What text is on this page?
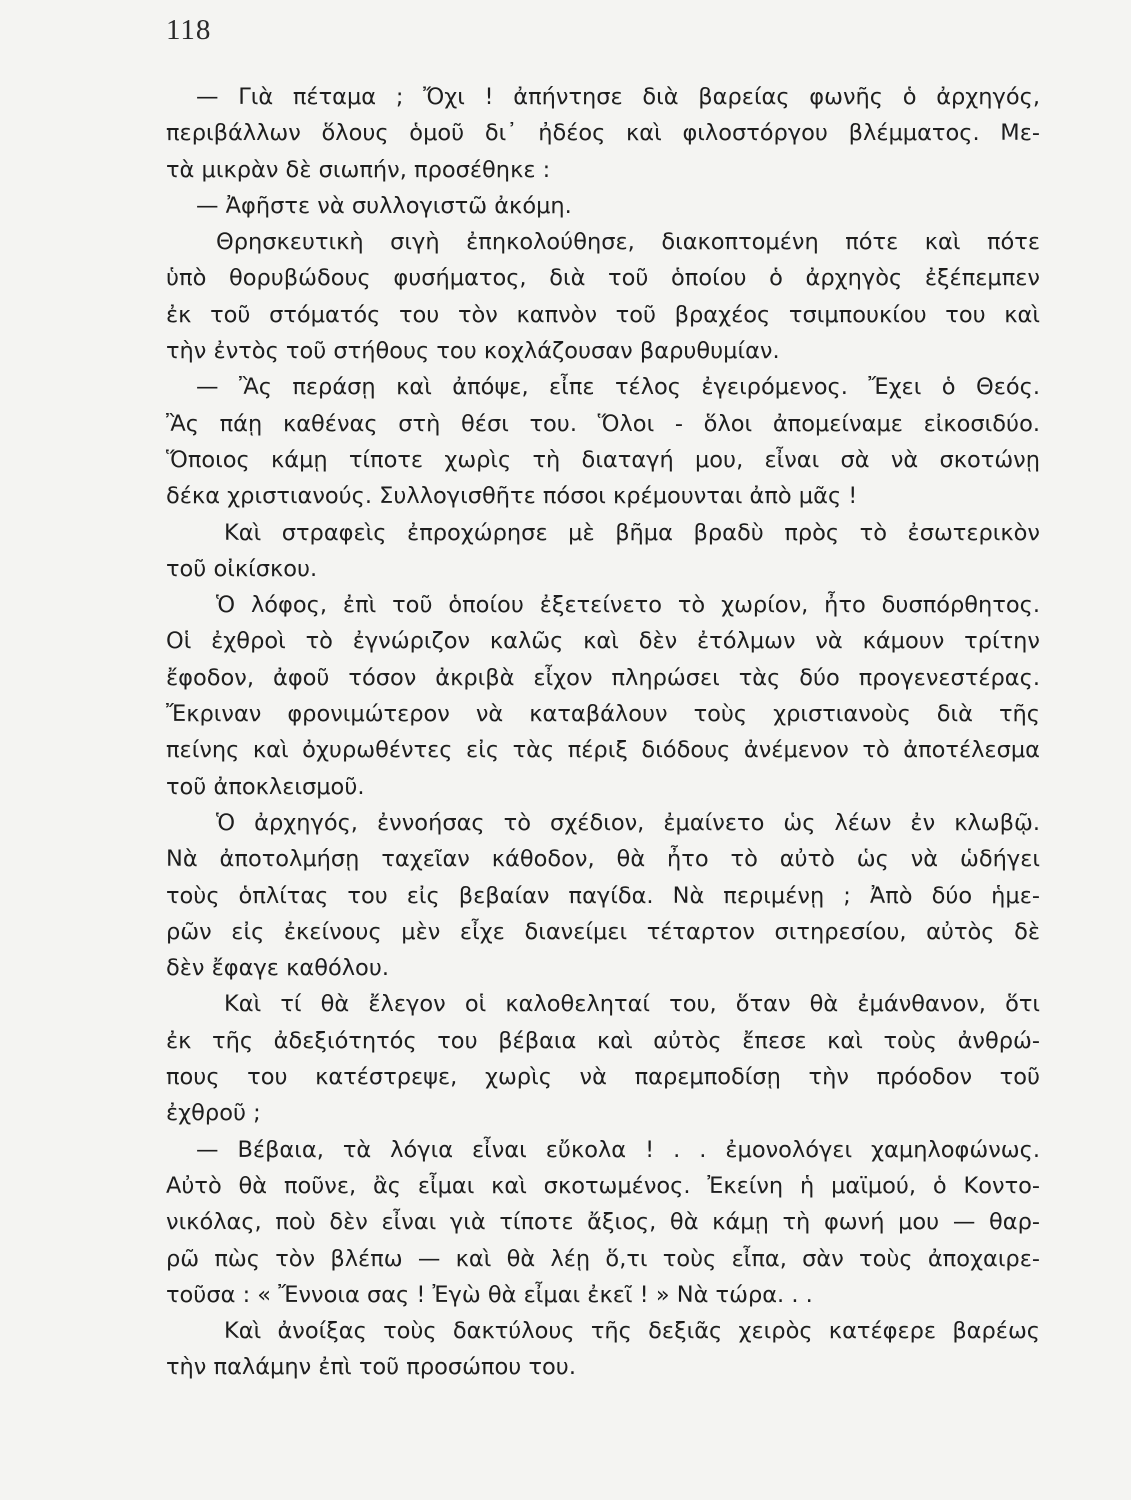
118
— Γιὰ πέταμα ; Ὄχι ! ἀπήντησε διὰ βαρείας φωνῆς ὁ ἀρχηγός,
περιβάλλων ὅλους ὁμοῦ δι᾽ ἠδέος καὶ φιλοστόργου βλέμματος. Με-
τὰ μικρὰν δὲ σιωπήν, προσέθηκε :
— Ἀφῆστε νὰ συλλογιστῶ ἀκόμη.
Θρησκευτικὴ σιγὴ ἐπηκολούθησε, διακοπτομένη πότε καὶ πότε
ὑπὸ θορυβώδους φυσήματος, διὰ τοῦ ὁποίου ὁ ἀρχηγὸς ἐξέπεμπεν
ἐκ τοῦ στόματός του τὸν καπνὸν τοῦ βραχέος τσιμπουκίου του καὶ
τὴν ἐντὸς τοῦ στήθους του κοχλάζουσαν βαρυθυμίαν.
— Ἂς περάσῃ καὶ ἀπόψε, εἶπε τέλος ἐγειρόμενος. Ἔχει ὁ Θεός.
Ἂς πάῃ καθένας στὴ θέσι του. Ὅλοι - ὅλοι ἀπομείναμε εἰκοσιδύο.
Ὅποιος κάμῃ τίποτε χωρὶς τὴ διαταγή μου, εἶναι σὰ νὰ σκοτώνῃ
δέκα χριστιανούς. Συλλογισθῆτε πόσοι κρέμουνται ἀπὸ μᾶς !
Καὶ στραφεὶς ἐπροχώρησε μὲ βῆμα βραδὺ πρὸς τὸ ἐσωτερικὸν
τοῦ οἰκίσκου.
Ὁ λόφος, ἐπὶ τοῦ ὁποίου ἐξετείνετο τὸ χωρίον, ἦτο δυσπόρθητος.
Οἱ ἐχθροὶ τὸ ἐγνώριζον καλῶς καὶ δὲν ἐτόλμων νὰ κάμουν τρίτην
ἔφοδον, ἀφοῦ τόσον ἀκριβὰ εἶχον πληρώσει τὰς δύο προγενεστέρας.
Ἔκριναν φρονιμώτερον νὰ καταβάλουν τοὺς χριστιανοὺς διὰ τῆς
πείνης καὶ ὀχυρωθέντες εἰς τὰς πέριξ διόδους ἀνέμενον τὸ ἀποτέλεσμα
τοῦ ἀποκλεισμοῦ.
Ὁ ἀρχηγός, ἐννοήσας τὸ σχέδιον, ἐμαίνετο ὡς λέων ἐν κλωβῷ.
Νὰ ἀποτολμήσῃ ταχεῖαν κάθοδον, θὰ ἦτο τὸ αὐτὸ ὡς νὰ ὡδήγει
τοὺς ὁπλίτας του εἰς βεβαίαν παγίδα. Νὰ περιμένῃ ; Ἀπὸ δύο ἡμε-
ρῶν εἰς ἐκείνους μὲν εἶχε διανείμει τέταρτον σιτηρεσίου, αὐτὸς δὲ
δὲν ἔφαγε καθόλου.
Καὶ τί θὰ ἔλεγον οἱ καλοθεληταί του, ὅταν θὰ ἐμάνθανον, ὅτι
ἐκ τῆς ἀδεξιότητός του βέβαια καὶ αὐτὸς ἔπεσε καὶ τοὺς ἀνθρώ-
πους του κατέστρεψε, χωρὶς νὰ παρεμποδίσῃ τὴν πρόοδον τοῦ
ἐχθροῦ ;
— Βέβαια, τὰ λόγια εἶναι εὔκολα ! . . ἐμονολόγει χαμηλοφώνως.
Αὐτὸ θὰ ποῦνε, ἂς εἶμαι καὶ σκοτωμένος. Ἐκείνη ἡ μαϊμού, ὁ Κοντο-
νικόλας, ποὺ δὲν εἶναι γιὰ τίποτε ἄξιος, θὰ κάμῃ τὴ φωνή μου — θαρ-
ρῶ πὼς τὸν βλέπω — καὶ θὰ λέῃ ὅ,τι τοὺς εἶπα, σὰν τοὺς ἀποχαιρε-
τοῦσα : « Ἔννοια σας ! Ἐγὼ θὰ εἶμαι ἐκεῖ ! » Νὰ τώρα. . .
Καὶ ἀνοίξας τοὺς δακτύλους τῆς δεξιᾶς χειρὸς κατέφερε βαρέως
τὴν παλάμην ἐπὶ τοῦ προσώπου του.
